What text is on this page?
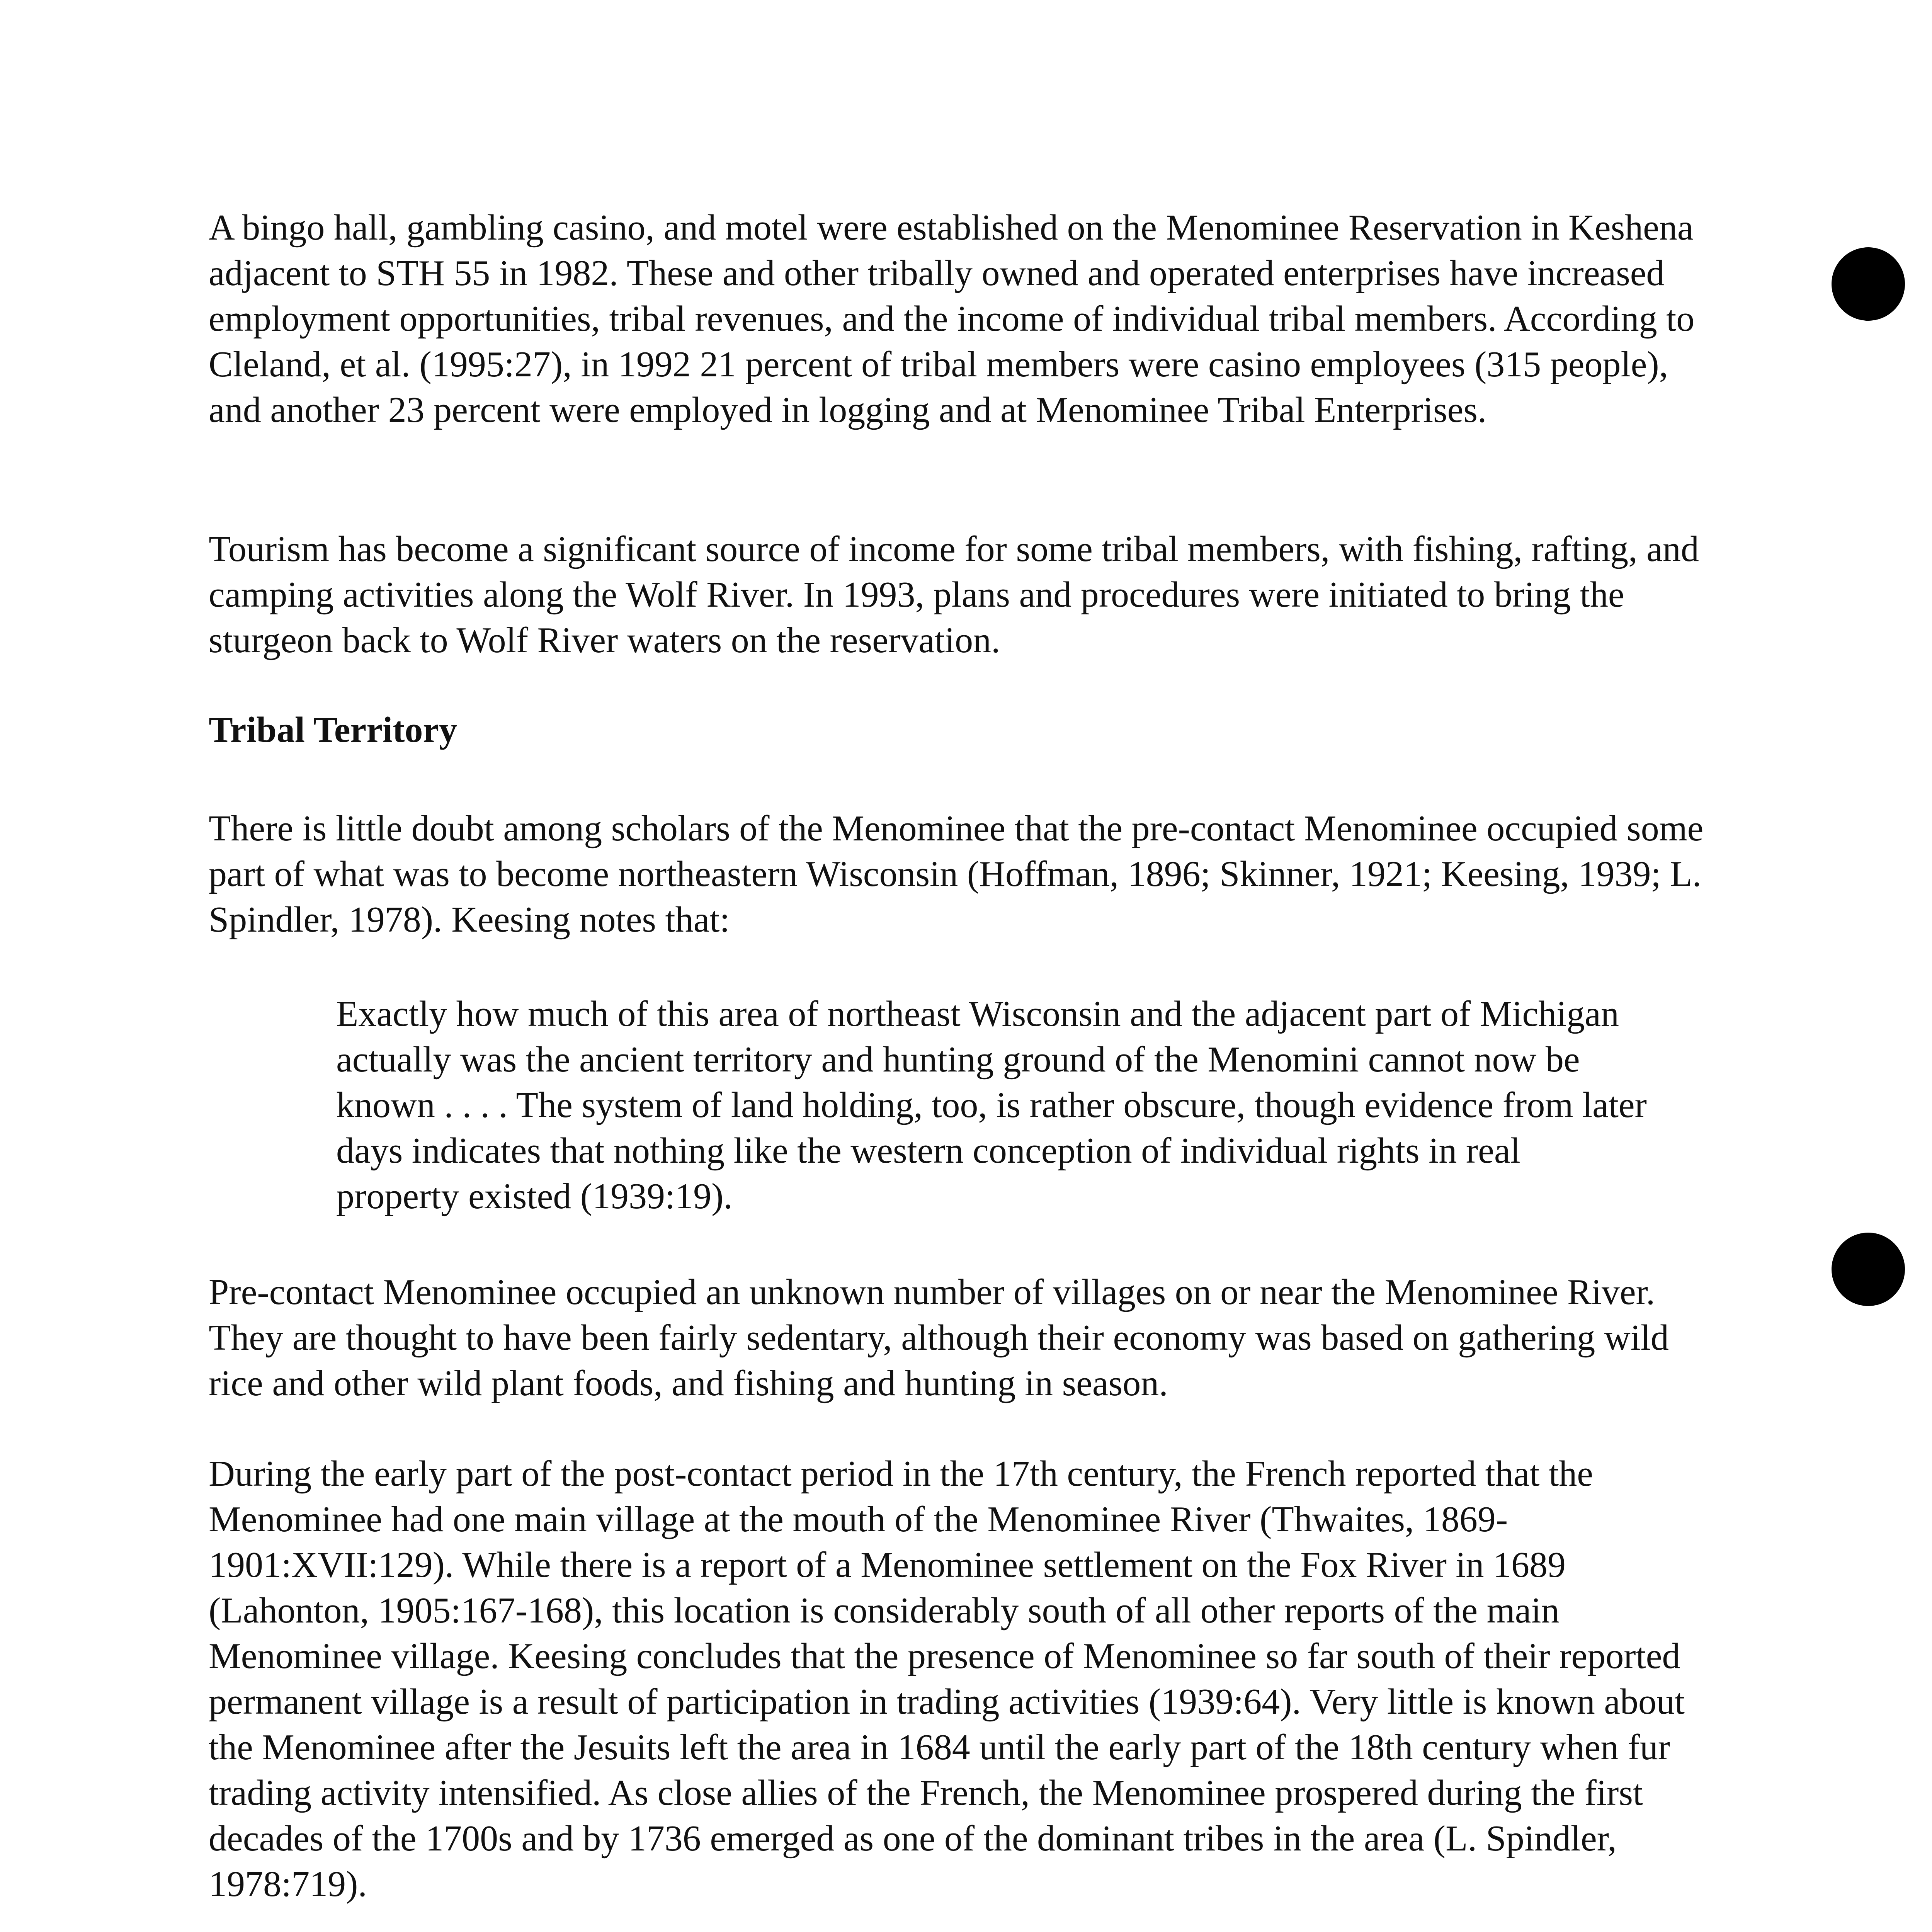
A bingo hall, gambling casino, and motel were established on the Menominee Reservation in Keshena adjacent to STH 55 in 1982. These and other tribally owned and operated enterprises have increased employment opportunities, tribal revenues, and the income of individual tribal members. According to Cleland, et al. (1995:27), in 1992 21 percent of tribal members were casino employees (315 people), and another 23 percent were employed in logging and at Menominee Tribal Enterprises.

Tourism has become a significant source of income for some tribal members, with fishing, rafting, and camping activities along the Wolf River. In 1993, plans and procedures were initiated to bring the sturgeon back to Wolf River waters on the reservation.

Tribal Territory

There is little doubt among scholars of the Menominee that the pre-contact Menominee occupied some part of what was to become northeastern Wisconsin (Hoffman, 1896; Skinner, 1921; Keesing, 1939; L. Spindler, 1978). Keesing notes that:

Exactly how much of this area of northeast Wisconsin and the adjacent part of Michigan actually was the ancient territory and hunting ground of the Menomini cannot now be known . . . . The system of land holding, too, is rather obscure, though evidence from later days indicates that nothing like the western conception of individual rights in real property existed (1939:19).

Pre-contact Menominee occupied an unknown number of villages on or near the Menominee River. They are thought to have been fairly sedentary, although their economy was based on gathering wild rice and other wild plant foods, and fishing and hunting in season.

During the early part of the post-contact period in the 17th century, the French reported that the Menominee had one main village at the mouth of the Menominee River (Thwaites, 1869-1901:XVII:129). While there is a report of a Menominee settlement on the Fox River in 1689 (Lahonton, 1905:167-168), this location is considerably south of all other reports of the main Menominee village. Keesing concludes that the presence of Menominee so far south of their reported permanent village is a result of participation in trading activities (1939:64). Very little is known about the Menominee after the Jesuits left the area in 1684 until the early part of the 18th century when fur trading activity intensified. As close allies of the French, the Menominee prospered during the first decades of the 1700s and by 1736 emerged as one of the dominant tribes in the area (L. Spindler, 1978:719).
